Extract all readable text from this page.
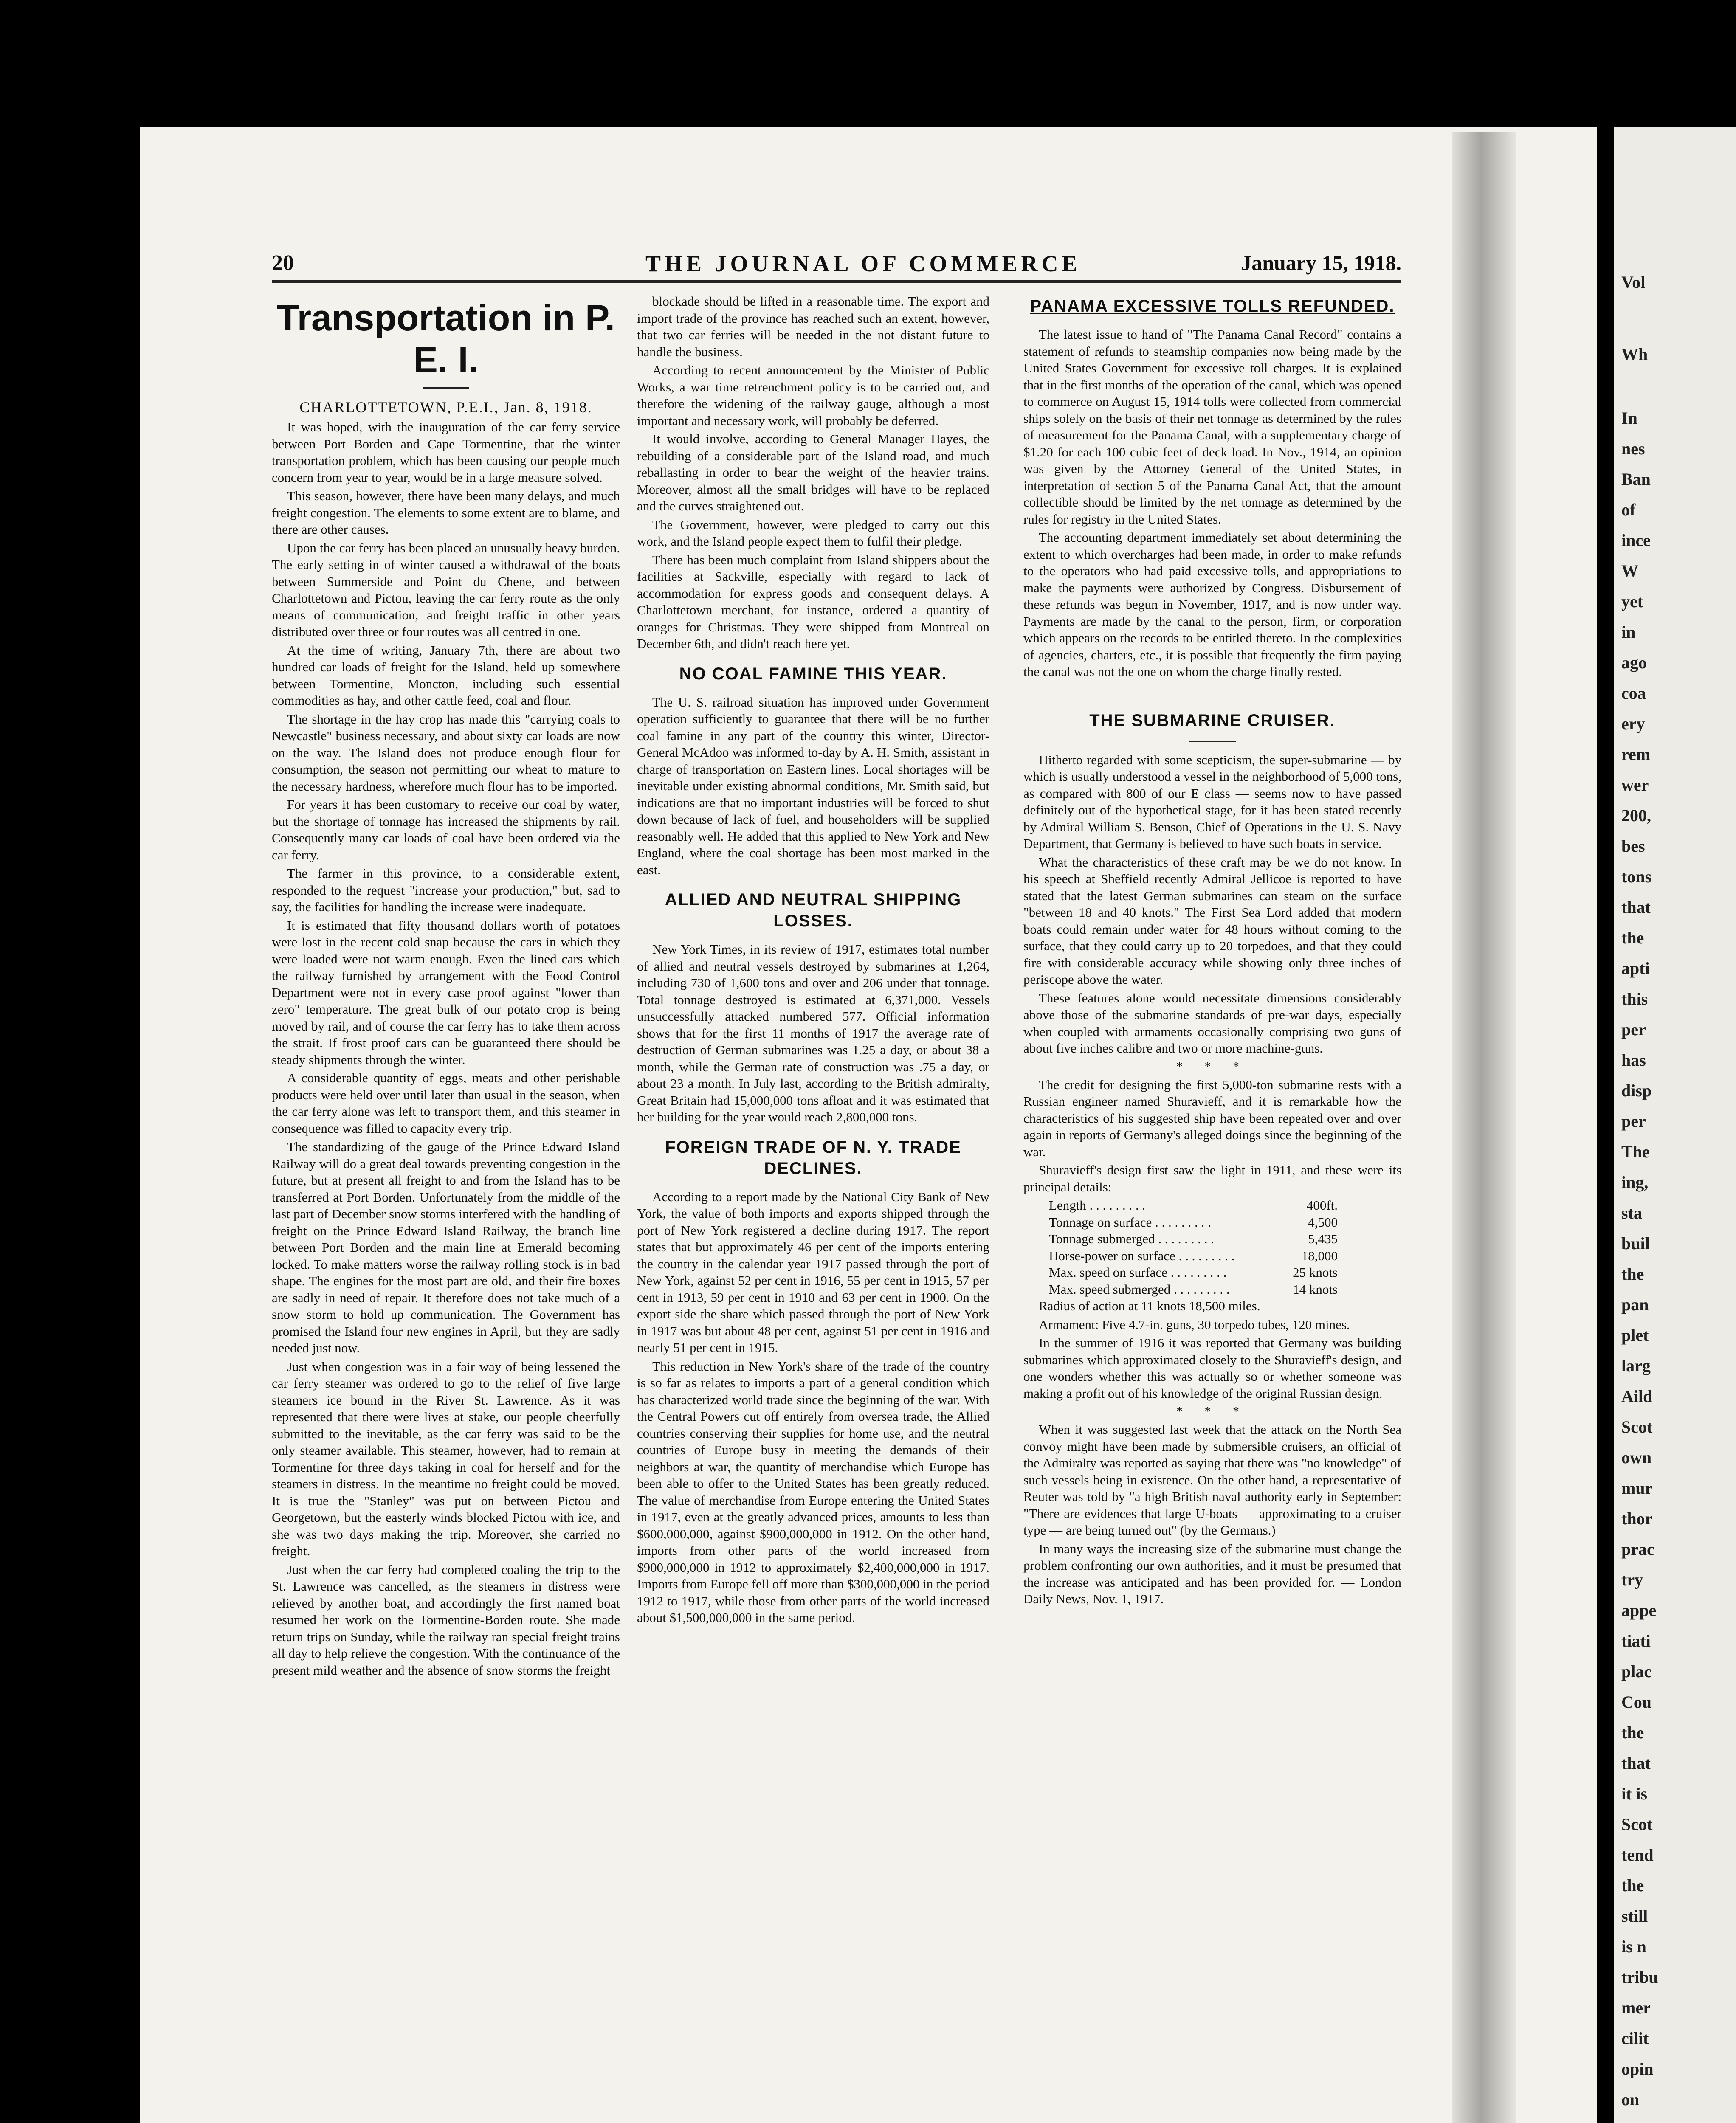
Vol
Wh
In
nes
Ban
of
ince
W
yet
in
ago
coa
ery
rem
wer
200,
bes
tons
that
the
apti
this
per
has
disp
per
The
ing,
sta
buil
the
pan
plet
larg
Aild
Scot
own
mur
thor
prac
try
appe
tiati
plac
Cou
the
that
it is
Scot
tend
the
still
is n
tribu
mer
cilit
opin
on
20	THE JOURNAL OF COMMERCE	January 15, 1918.
Transportation in P. E. I.
CHARLOTTETOWN, P.E.I., Jan. 8, 1918.

It was hoped, with the inauguration of the car ferry service between Port Borden and Cape Tormentine, that the winter transportation problem, which has been causing our people much concern from year to year, would be in a large measure solved.

This season, however, there have been many delays, and much freight congestion. The elements to some extent are to blame, and there are other causes.

Upon the car ferry has been placed an unusually heavy burden. The early setting in of winter caused a withdrawal of the boats between Summerside and Point du Chene, and between Charlottetown and Pictou, leaving the car ferry route as the only means of communication, and freight traffic in other years distributed over three or four routes was all centred in one.

At the time of writing, January 7th, there are about two hundred car loads of freight for the Island, held up somewhere between Tormentine, Moncton, including such essential commodities as hay, and other cattle feed, coal and flour.

The shortage in the hay crop has made this "carrying coals to Newcastle" business necessary, and about sixty car loads are now on the way. The Island does not produce enough flour for consumption, the season not permitting our wheat to mature to the necessary hardness, wherefore much flour has to be imported.

For years it has been customary to receive our coal by water, but the shortage of tonnage has increased the shipments by rail. Consequently many car loads of coal have been ordered via the car ferry.

The farmer in this province, to a considerable extent, responded to the request "increase your production," but, sad to say, the facilities for handling the increase were inadequate.

It is estimated that fifty thousand dollars worth of potatoes were lost in the recent cold snap because the cars in which they were loaded were not warm enough. Even the lined cars which the railway furnished by arrangement with the Food Control Department were not in every case proof against "lower than zero" temperature. The great bulk of our potato crop is being moved by rail, and of course the car ferry has to take them across the strait. If frost proof cars can be guaranteed there should be steady shipments through the winter.

A considerable quantity of eggs, meats and other perishable products were held over until later than usual in the season, when the car ferry alone was left to transport them, and this steamer in consequence was filled to capacity every trip.

The standardizing of the gauge of the Prince Edward Island Railway will do a great deal towards preventing congestion in the future, but at present all freight to and from the Island has to be transferred at Port Borden. Unfortunately from the middle of the last part of December snow storms interfered with the handling of freight on the Prince Edward Island Railway, the branch line between Port Borden and the main line at Emerald becoming locked. To make matters worse the railway rolling stock is in bad shape. The engines for the most part are old, and their fire boxes are sadly in need of repair. It therefore does not take much of a snow storm to hold up communication. The Government has promised the Island four new engines in April, but they are sadly needed just now.

Just when congestion was in a fair way of being lessened the car ferry steamer was ordered to go to the relief of five large steamers ice bound in the River St. Lawrence. As it was represented that there were lives at stake, our people cheerfully submitted to the inevitable, as the car ferry was said to be the only steamer available. This steamer, however, had to remain at Tormentine for three days taking in coal for herself and for the steamers in distress. In the meantime no freight could be moved. It is true the "Stanley" was put on between Pictou and Georgetown, but the easterly winds blocked Pictou with ice, and she was two days making the trip. Moreover, she carried no freight.

Just when the car ferry had completed coaling the trip to the St. Lawrence was cancelled, as the steamers in distress were relieved by another boat, and accordingly the first named boat resumed her work on the Tormentine-Borden route. She made return trips on Sunday, while the railway ran special freight trains all day to help relieve the congestion. With the continuance of the present mild weather and the absence of snow storms the freight

blockade should be lifted in a reasonable time. The export and import trade of the province has reached such an extent, however, that two car ferries will be needed in the not distant future to handle the business.

According to recent announcement by the Minister of Public Works, a war time retrenchment policy is to be carried out, and therefore the widening of the railway gauge, although a most important and necessary work, will probably be deferred.

It would involve, according to General Manager Hayes, the rebuilding of a considerable part of the Island road, and much reballasting in order to bear the weight of the heavier trains. Moreover, almost all the small bridges will have to be replaced and the curves straightened out.

The Government, however, were pledged to carry out this work, and the Island people expect them to fulfil their pledge.

There has been much complaint from Island shippers about the facilities at Sackville, especially with regard to lack of accommodation for express goods and consequent delays. A Charlottetown merchant, for instance, ordered a quantity of oranges for Christmas. They were shipped from Montreal on December 6th, and didn't reach here yet.

NO COAL FAMINE THIS YEAR.

The U. S. railroad situation has improved under Government operation sufficiently to guarantee that there will be no further coal famine in any part of the country this winter, Director-General McAdoo was informed to-day by A. H. Smith, assistant in charge of transportation on Eastern lines. Local shortages will be inevitable under existing abnormal conditions, Mr. Smith said, but indications are that no important industries will be forced to shut down because of lack of fuel, and householders will be supplied reasonably well. He added that this applied to New York and New England, where the coal shortage has been most marked in the east.

ALLIED AND NEUTRAL SHIPPING LOSSES.

New York Times, in its review of 1917, estimates total number of allied and neutral vessels destroyed by submarines at 1,264, including 730 of 1,600 tons and over and 206 under that tonnage. Total tonnage destroyed is estimated at 6,371,000. Vessels unsuccessfully attacked numbered 577. Official information shows that for the first 11 months of 1917 the average rate of destruction of German submarines was 1.25 a day, or about 38 a month, while the German rate of construction was .75 a day, or about 23 a month. In July last, according to the British admiralty, Great Britain had 15,000,000 tons afloat and it was estimated that her building for the year would reach 2,800,000 tons.

FOREIGN TRADE OF N. Y. TRADE DECLINES.

According to a report made by the National City Bank of New York, the value of both imports and exports shipped through the port of New York registered a decline during 1917. The report states that but approximately 46 per cent of the imports entering the country in the calendar year 1917 passed through the port of New York, against 52 per cent in 1916, 55 per cent in 1915, 57 per cent in 1913, 59 per cent in 1910 and 63 per cent in 1900. On the export side the share which passed through the port of New York in 1917 was but about 48 per cent, against 51 per cent in 1916 and nearly 51 per cent in 1915.

This reduction in New York's share of the trade of the country is so far as relates to imports a part of a general condition which has characterized world trade since the beginning of the war. With the Central Powers cut off entirely from oversea trade, the Allied countries conserving their supplies for home use, and the neutral countries of Europe busy in meeting the demands of their neighbors at war, the quantity of merchandise which Europe has been able to offer to the United States has been greatly reduced. The value of merchandise from Europe entering the United States in 1917, even at the greatly advanced prices, amounts to less than $600,000,000, against $900,000,000 in 1912. On the other hand, imports from other parts of the world increased from $900,000,000 in 1912 to approximately $2,400,000,000 in 1917. Imports from Europe fell off more than $300,000,000 in the period 1912 to 1917, while those from other parts of the world increased about $1,500,000,000 in the same period.

PANAMA EXCESSIVE TOLLS REFUNDED.

The latest issue to hand of "The Panama Canal Record" contains a statement of refunds to steamship companies now being made by the United States Government for excessive toll charges. It is explained that in the first months of the operation of the canal, which was opened to commerce on August 15, 1914 tolls were collected from commercial ships solely on the basis of their net tonnage as determined by the rules of measurement for the Panama Canal, with a supplementary charge of $1.20 for each 100 cubic feet of deck load. In Nov., 1914, an opinion was given by the Attorney General of the United States, in interpretation of section 5 of the Panama Canal Act, that the amount collectible should be limited by the net tonnage as determined by the rules for registry in the United States.

The accounting department immediately set about determining the extent to which overcharges had been made, in order to make refunds to the operators who had paid excessive tolls, and appropriations to make the payments were authorized by Congress. Disbursement of these refunds was begun in November, 1917, and is now under way. Payments are made by the canal to the person, firm, or corporation which appears on the records to be entitled thereto. In the complexities of agencies, charters, etc., it is possible that frequently the firm paying the canal was not the one on whom the charge finally rested.

THE SUBMARINE CRUISER.

Hitherto regarded with some scepticism, the super-submarine — by which is usually understood a vessel in the neighborhood of 5,000 tons, as compared with 800 of our E class — seems now to have passed definitely out of the hypothetical stage, for it has been stated recently by Admiral William S. Benson, Chief of Operations in the U. S. Navy Department, that Germany is believed to have such boats in service.

What the characteristics of these craft may be we do not know. In his speech at Sheffield recently Admiral Jellicoe is reported to have stated that the latest German submarines can steam on the surface "between 18 and 40 knots." The First Sea Lord added that modern boats could remain under water for 48 hours without coming to the surface, that they could carry up to 20 torpedoes, and that they could fire with considerable accuracy while showing only three inches of periscope above the water.

These features alone would necessitate dimensions considerably above those of the submarine standards of pre-war days, especially when coupled with armaments occasionally comprising two guns of about five inches calibre and two or more machine-guns.

* * *

The credit for designing the first 5,000-ton submarine rests with a Russian engineer named Shuravieff, and it is remarkable how the characteristics of his suggested ship have been repeated over and over again in reports of Germany's alleged doings since the beginning of the war.

Shuravieff's design first saw the light in 1911, and these were its principal details:

Length . . . . . . . . .	400ft.
Tonnage on surface . . . . . . . . .	4,500
Tonnage submerged . . . . . . . . .	5,435
Horse-power on surface . . . . . . . . .	18,000
Max. speed on surface . . . . . . . . .	25 knots
Max. speed submerged . . . . . . . . .	14 knots

Radius of action at 11 knots 18,500 miles.

Armament: Five 4.7-in. guns, 30 torpedo tubes, 120 mines.

In the summer of 1916 it was reported that Germany was building submarines which approximated closely to the Shuravieff's design, and one wonders whether this was actually so or whether someone was making a profit out of his knowledge of the original Russian design.

* * *

When it was suggested last week that the attack on the North Sea convoy might have been made by submersible cruisers, an official of the Admiralty was reported as saying that there was "no knowledge" of such vessels being in existence. On the other hand, a representative of Reuter was told by "a high British naval authority early in September: "There are evidences that large U-boats — approximating to a cruiser type — are being turned out" (by the Germans.)

In many ways the increasing size of the submarine must change the problem confronting our own authorities, and it must be presumed that the increase was anticipated and has been provided for. — London Daily News, Nov. 1, 1917.
